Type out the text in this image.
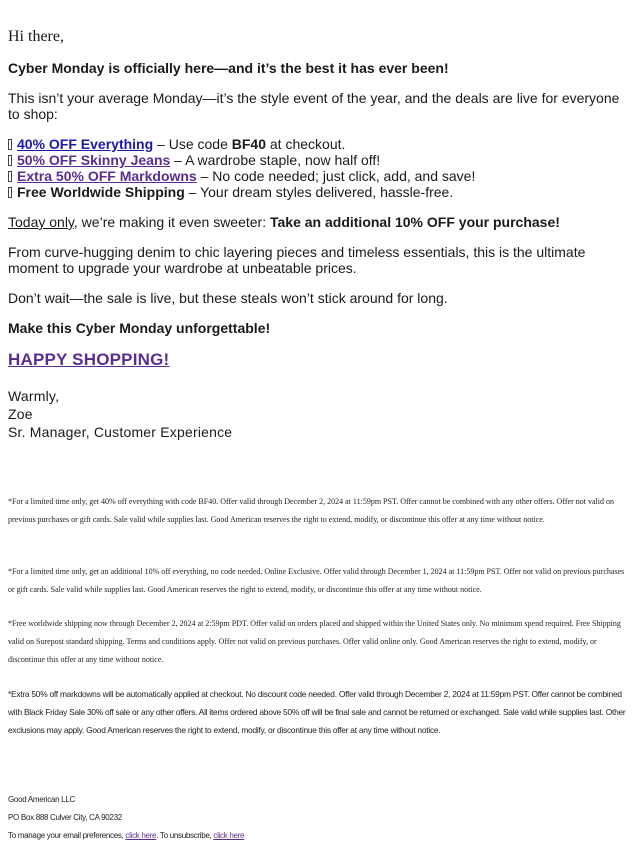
Hi there,

Cyber Monday is officially here—and it’s the best it has ever been!

This isn’t your average Monday—it’s the style event of the year, and the deals are live for everyone to shop:

40% OFF Everything – Use code BF40 at checkout.
50% OFF Skinny Jeans – A wardrobe staple, now half off!
Extra 50% OFF Markdowns – No code needed; just click, add, and save!
Free Worldwide Shipping – Your dream styles delivered, hassle-free.
Today only, we’re making it even sweeter: Take an additional 10% OFF your purchase!

From curve-hugging denim to chic layering pieces and timeless essentials, this is the ultimate moment to upgrade your wardrobe at unbeatable prices.

Don’t wait—the sale is live, but these steals won’t stick around for long.

Make this Cyber Monday unforgettable!

HAPPY SHOPPING!
Warmly,
Zoe
Sr. Manager, Customer Experience

*For a limited time only, get 40% off everything with code BF40. Offer valid through December 2, 2024 at 11:59pm PST. Offer cannot be combined with any other offers. Offer not valid on previous purchases or gift cards. Sale valid while supplies last. Good American reserves the right to extend, modify, or discontinue this offer at any time without notice.

*For a limited time only, get an additional 10% off everything, no code needed. Online Exclusive. Offer valid through December 1, 2024 at 11:59pm PST. Offer not valid on previous purchases or gift cards. Sale valid while supplies last. Good American reserves the right to extend, modify, or discontinue this offer at any time without notice.

*Free worldwide shipping now through December 2, 2024 at 2:59pm PDT. Offer valid on orders placed and shipped within the United States only. No minimum spend required. Free Shipping valid on Surepost standard shipping. Terms and conditions apply. Offer not valid on previous purchases. Offer valid online only. Good American reserves the right to extend, modify, or discontinue this offer at any time without notice.

*Extra 50% off markdowns will be automatically applied at checkout. No discount code needed. Offer valid through December 2, 2024 at 11:59pm PST. Offer cannot be combined with Black Friday Sale 30% off sale or any other offers. All items ordered above 50% off will be final sale and cannot be returned or exchanged. Sale valid while supplies last. Other exclusions may apply. Good American reserves the right to extend, modify, or discontinue this offer at any time without notice.

Good American LLC
PO Box 888 Culver City, CA 90232
To manage your email preferences, click here. To unsubscribe, click here
